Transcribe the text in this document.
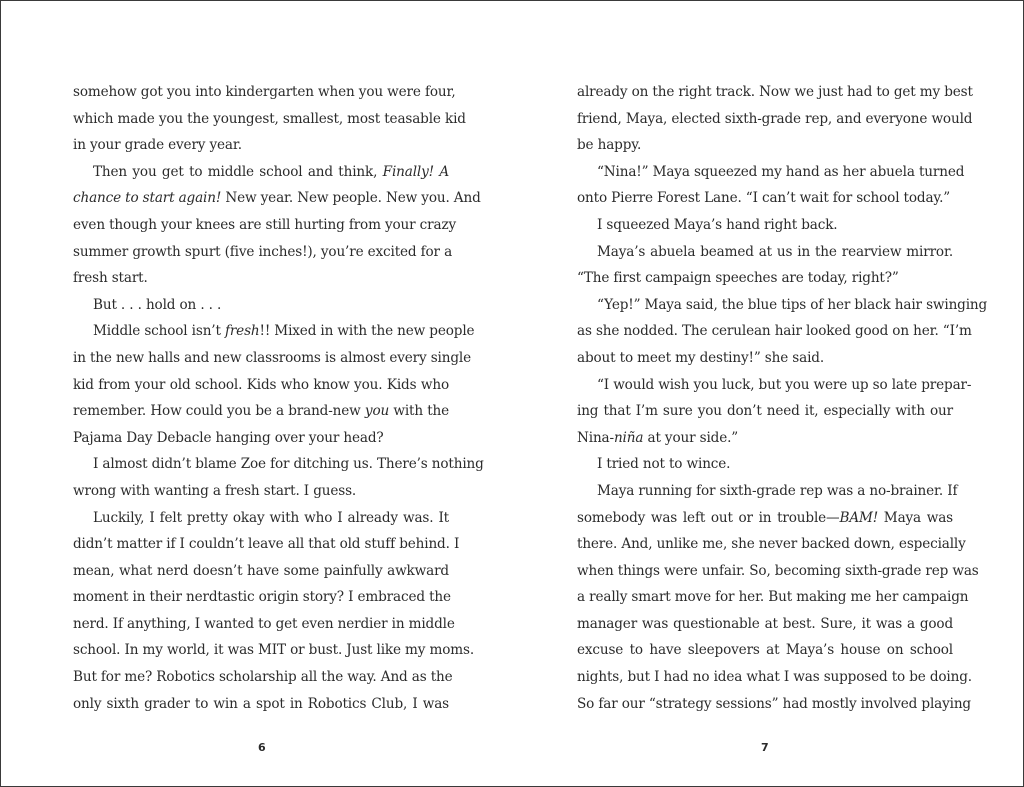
somehow got you into kindergarten when you were four,
which made you the youngest, smallest, most teasable kid
in your grade every year.
Then you get to middle school and think, Finally! A
chance to start again! New year. New people. New you. And
even though your knees are still hurting from your crazy
summer growth spurt (five inches!), you’re excited for a
fresh start.
But . . . hold on . . .
Middle school isn’t fresh!! Mixed in with the new people
in the new halls and new classrooms is almost every single
kid from your old school. Kids who know you. Kids who
remember. How could you be a brand-new you with the
Pajama Day Debacle hanging over your head?
I almost didn’t blame Zoe for ditching us. There’s nothing
wrong with wanting a fresh start. I guess.
Luckily, I felt pretty okay with who I already was. It
didn’t matter if I couldn’t leave all that old stuff behind. I
mean, what nerd doesn’t have some painfully awkward
moment in their nerdtastic origin story? I embraced the
nerd. If anything, I wanted to get even nerdier in middle
school. In my world, it was MIT or bust. Just like my moms.
But for me? Robotics scholarship all the way. And as the
only sixth grader to win a spot in Robotics Club, I was
6
already on the right track. Now we just had to get my best
friend, Maya, elected sixth-grade rep, and everyone would
be happy.
“Nina!” Maya squeezed my hand as her abuela turned
onto Pierre Forest Lane. “I can’t wait for school today.”
I squeezed Maya’s hand right back.
Maya’s abuela beamed at us in the rearview mirror.
“The first campaign speeches are today, right?”
“Yep!” Maya said, the blue tips of her black hair swinging
as she nodded. The cerulean hair looked good on her. “I’m
about to meet my destiny!” she said.
“I would wish you luck, but you were up so late prepar-
ing that I’m sure you don’t need it, especially with our
Nina-niña at your side.”
I tried not to wince.
Maya running for sixth-grade rep was a no-brainer. If
somebody was left out or in trouble—BAM! Maya was
there. And, unlike me, she never backed down, especially
when things were unfair. So, becoming sixth-grade rep was
a really smart move for her. But making me her campaign
manager was questionable at best. Sure, it was a good
excuse to have sleepovers at Maya’s house on school
nights, but I had no idea what I was supposed to be doing.
So far our “strategy sessions” had mostly involved playing
7
